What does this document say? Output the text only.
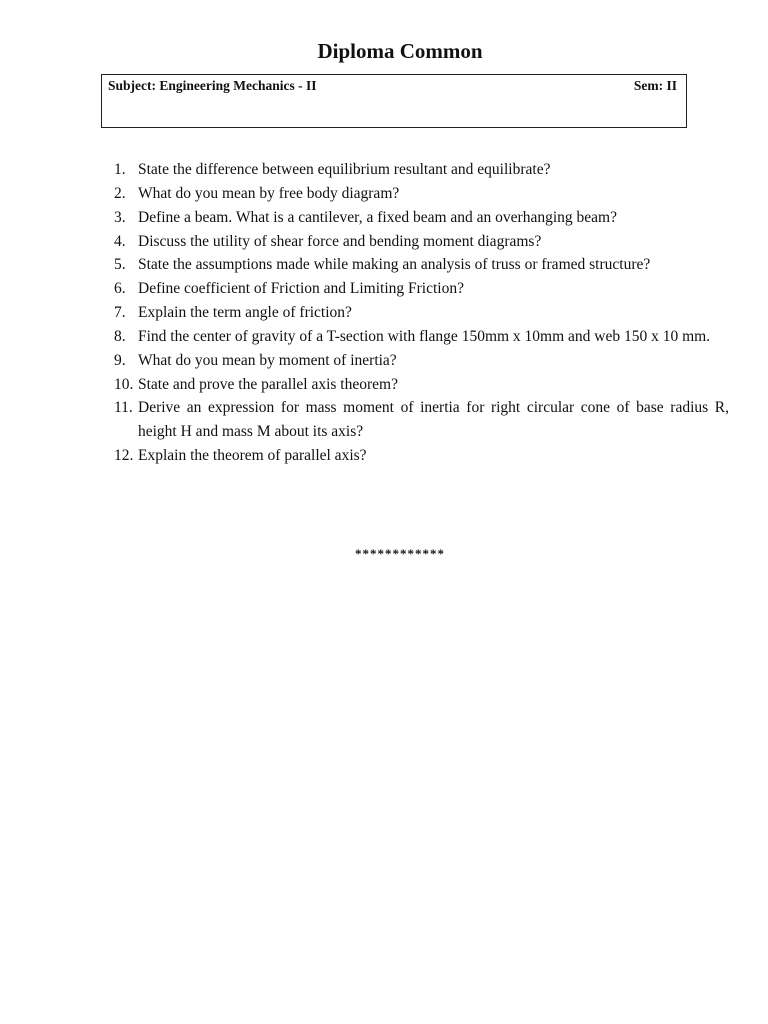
Diploma Common
Subject: Engineering Mechanics - II	Sem: II
1. State the difference between equilibrium resultant and equilibrate?
2. What do you mean by free body diagram?
3. Define a beam. What is a cantilever, a fixed beam and an overhanging beam?
4. Discuss the utility of shear force and bending moment diagrams?
5. State the assumptions made while making an analysis of truss or framed structure?
6. Define coefficient of Friction and Limiting Friction?
7. Explain the term angle of friction?
8. Find the center of gravity of a T-section with flange 150mm x 10mm and web 150 x 10 mm.
9. What do you mean by moment of inertia?
10. State and prove the parallel axis theorem?
11. Derive an expression for mass moment of inertia for right circular cone of base radius R, height H and mass M about its axis?
12. Explain the theorem of parallel axis?
************
